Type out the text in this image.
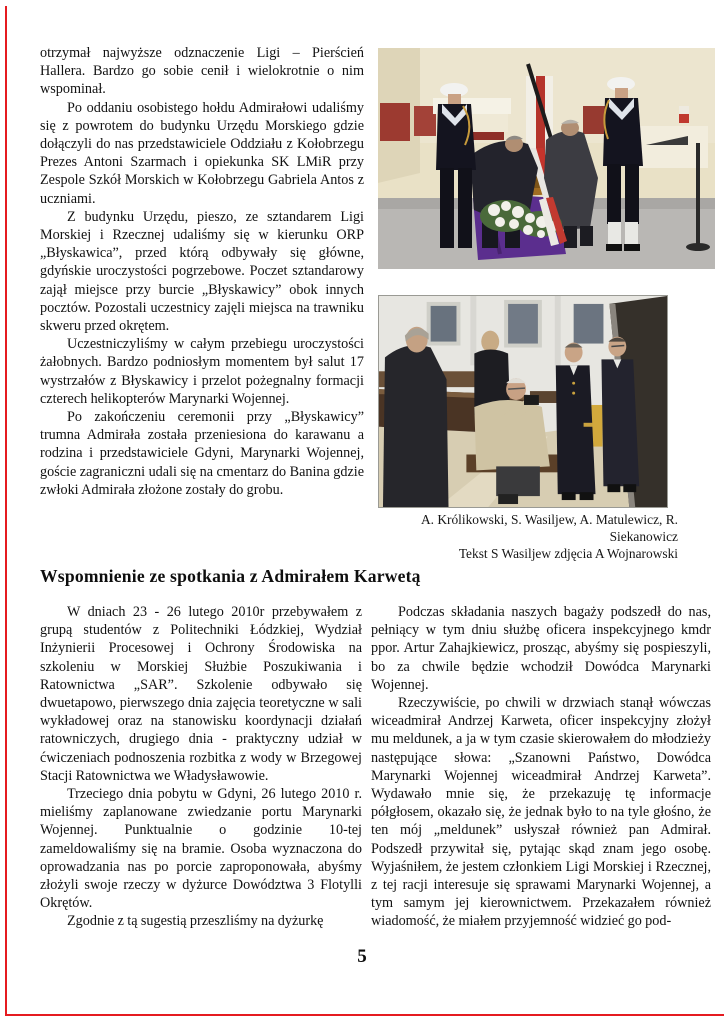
otrzymał najwyższe odznaczenie Ligi – Pierścień Hallera. Bardzo go sobie cenił i wielokrotnie o nim wspominał.

Po oddaniu osobistego hołdu Admirałowi udaliśmy się z powrotem do budynku Urzędu Morskiego gdzie dołączyli do nas przedstawiciele Oddziału z Kołobrzegu Prezes Antoni Szarmach i opiekunka SK LMiR przy Zespole Szkół Morskich w Kołobrzegu Gabriela Antos z uczniami.

Z budynku Urzędu, pieszo, ze sztandarem Ligi Morskiej i Rzecznej udaliśmy się w kierunku ORP „Błyskawica”, przed którą odbywały się główne, gdyńskie uroczystości pogrzebowe. Poczet sztandarowy zajął miejsce przy burcie „Błyskawicy” obok innych pocztów. Pozostali uczestnicy zajęli miejsca na trawniku skweru przed okrętem.

Uczestniczyliśmy w całym przebiegu uroczystości żałobnych. Bardzo podniosłym momentem był salut 17 wystrzałów z Błyskawicy i przelot pożegnalny formacji czterech helikopterów Marynarki Wojennej.

Po zakończeniu ceremonii przy „Błyskawicy” trumna Admirała została przeniesiona do karawanu a rodzina i przedstawiciele Gdyni, Marynarki Wojennej, goście zagraniczni udali się na cmentarz do Banina gdzie zwłoki Admirała złożone zostały do grobu.

A. Królikowski, S. Wasiljew, A. Matulewicz, R. Siekanowicz
Tekst S Wasiljew zdjęcia A Wojnarowski
Wspomnienie ze spotkania z Admirałem Karwetą

W dniach 23 - 26 lutego 2010r przebywałem z grupą studentów z Politechniki Łódzkiej, Wydział Inżynierii Procesowej i Ochrony Środowiska na szkoleniu w Morskiej Służbie Poszukiwania i Ratownictwa „SAR”. Szkolenie odbywało się dwuetapowo, pierwszego dnia zajęcia teoretyczne w sali wykładowej oraz na stanowisku koordynacji działań ratowniczych, drugiego dnia - praktyczny udział w ćwiczeniach podnoszenia rozbitka z wody w Brzegowej Stacji Ratownictwa we Władysławowie.

Trzeciego dnia pobytu w Gdyni, 26 lutego 2010 r. mieliśmy zaplanowane zwiedzanie portu Marynarki Wojennej. Punktualnie o godzinie 10-tej zameldowaliśmy się na bramie. Osoba wyznaczona do oprowadzania nas po porcie zaproponowała, abyśmy złożyli swoje rzeczy w dyżurce Dowództwa 3 Flotylli Okrętów.

Zgodnie z tą sugestią przeszliśmy na dyżurkę

Podczas składania naszych bagaży podszedł do nas, pełniący w tym dniu służbę oficera inspekcyjnego kmdr ppor. Artur Zahajkiewicz, prosząc, abyśmy się pospieszyli, bo za chwile będzie wchodził Dowódca Marynarki Wojennej.

Rzeczywiście, po chwili w drzwiach stanął wówczas wiceadmirał Andrzej Karweta, oficer inspekcyjny złożył mu meldunek, a ja w tym czasie skierowałem do młodzieży następujące słowa: „Szanowni Państwo, Dowódca Marynarki Wojennej wiceadmirał Andrzej Karweta”. Wydawało mnie się, że przekazuję tę informacje półgłosem, okazało się, że jednak było to na tyle głośno, że ten mój „meldunek” usłyszał również pan Admirał. Podszedł przywitał się, pytając skąd znam jego osobę. Wyjaśniłem, że jestem członkiem Ligi Morskiej i Rzecznej, z tej racji interesuje się sprawami Marynarki Wojennej, a tym samym jej kierownictwem. Przekazałem również wiadomość, że miałem przyjemność widzieć go pod-

5
